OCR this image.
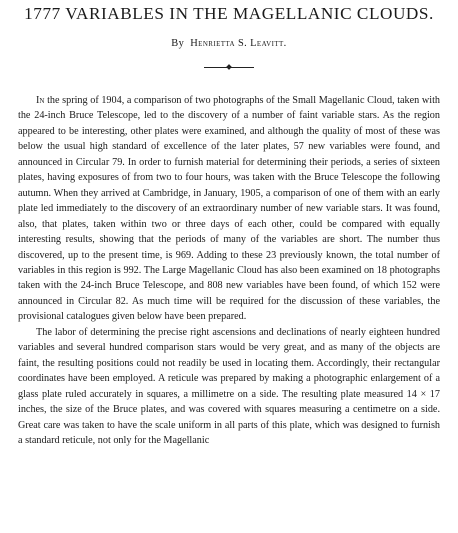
1777 VARIABLES IN THE MAGELLANIC CLOUDS.
By Henrietta S. Leavitt.

In the spring of 1904, a comparison of two photographs of the Small Magellanic Cloud, taken with the 24-inch Bruce Telescope, led to the discovery of a number of faint variable stars. As the region appeared to be interesting, other plates were examined, and although the quality of most of these was below the usual high standard of excellence of the later plates, 57 new variables were found, and announced in Circular 79. In order to furnish material for determining their periods, a series of sixteen plates, having exposures of from two to four hours, was taken with the Bruce Telescope the following autumn. When they arrived at Cambridge, in January, 1905, a comparison of one of them with an early plate led immediately to the discovery of an extraordinary number of new variable stars. It was found, also, that plates, taken within two or three days of each other, could be compared with equally interesting results, showing that the periods of many of the variables are short. The number thus discovered, up to the present time, is 969. Adding to these 23 previously known, the total number of variables in this region is 992. The Large Magellanic Cloud has also been examined on 18 photographs taken with the 24-inch Bruce Telescope, and 808 new variables have been found, of which 152 were announced in Circular 82. As much time will be required for the discussion of these variables, the provisional catalogues given below have been prepared.

The labor of determining the precise right ascensions and declinations of nearly eighteen hundred variables and several hundred comparison stars would be very great, and as many of the objects are faint, the resulting positions could not readily be used in locating them. Accordingly, their rectangular coordinates have been employed. A reticule was prepared by making a photographic enlargement of a glass plate ruled accurately in squares, a millimetre on a side. The resulting plate measured 14 × 17 inches, the size of the Bruce plates, and was covered with squares measuring a centimetre on a side. Great care was taken to have the scale uniform in all parts of this plate, which was designed to furnish a standard reticule, not only for the Magellanic
